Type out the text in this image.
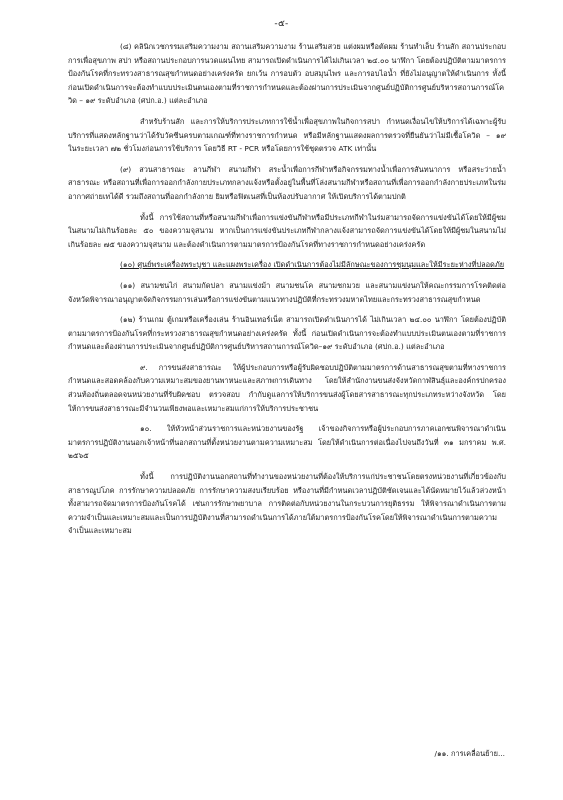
-๕-

(๘) คลินิกเวชกรรมเสริมความงาม สถานเสริมความงาม ร้านเสริมสวย แต่งผมหรือตัดผม ร้านทำเล็บ ร้านสัก สถานประกอบการเพื่อสุขภาพ สปา หรือสถานประกอบการนวดแผนไทย สามารถเปิดดำเนินการได้ไม่เกินเวลา ๒๔.๐๐ นาฬิกา โดยต้องปฏิบัติตามมาตรการป้องกันโรคที่กระทรวงสาธารณสุขกำหนดอย่างเคร่งครัด ยกเว้น การอบตัว อบสมุนไพร และการอบไอน้ำ ที่ยังไม่อนุญาตให้ดำเนินการ ทั้งนี้ ก่อนเปิดดำเนินการจะต้องทำแบบประเมินตนเองตามที่ราชการกำหนดและต้องผ่านการประเมินจากศูนย์ปฏิบัติการศูนย์บริหารสถานการณ์โควิด – ๑๙ ระดับอำเภอ (ศปก.อ.) แต่ละอำเภอ

สำหรับร้านสัก และการให้บริการประเภทการใช้น้ำเพื่อสุขภาพในกิจการสปา กำหนดเงื่อนไขให้บริการได้เฉพาะผู้รับบริการที่แสดงหลักฐานว่าได้รับวัคซีนครบตามเกณฑ์ที่ทางราชการกำหนด หรือมีหลักฐานแสดงผลการตรวจที่ยืนยันว่าไม่มีเชื้อโควิด – ๑๙ ในระยะเวลา ๗๒ ชั่วโมงก่อนการใช้บริการ โดยวิธี RT - PCR หรือโดยการใช้ชุดตรวจ ATK เท่านั้น

(๙) สวนสาธารณะ ลานกีฬา สนามกีฬา สระน้ำเพื่อการกีฬาหรือกิจกรรมทางน้ำเพื่อการสันทนาการ หรือสระว่ายน้ำสาธารณะ หรือสถานที่เพื่อการออกกำลังกายประเภทกลางแจ้งหรือตั้งอยู่ในพื้นที่โล่งสนามกีฬาหรือสถานที่เพื่อการออกกำลังกายประเภทในร่มอากาศถ่ายเทได้ดี รวมถึงสถานที่ออกกำลังกาย ยิมหรือฟิตเนสที่เป็นห้องปรับอากาศ ให้เปิดบริการได้ตามปกติ

ทั้งนี้ การใช้สถานที่หรือสนามกีฬาเพื่อการแข่งขันกีฬาหรือมีประเภทกีฬาในร่มสามารถจัดการแข่งขันได้โดยให้มีผู้ชมในสนามไม่เกินร้อยละ ๕๐ ของความจุสนาม หากเป็นการแข่งขันประเภทกีฬากลางแจ้งสามารถจัดการแข่งขันได้โดยให้มีผู้ชมในสนามไม่เกินร้อยละ ๗๕ ของความจุสนาม และต้องดำเนินการตามมาตรการป้องกันโรคที่ทางราชการกำหนดอย่างเคร่งครัด

(๑๐) ศูนย์พระเครื่องพระบูชา และแผงพระเครื่อง เปิดดำเนินการต้องไม่มีลักษณะของการชุมนุมและให้มีระยะห่างที่ปลอดภัย

(๑๑) สนามชนไก่ สนามกัดปลา สนามแข่งม้า สนามชนโค สนามชกมวย และสนามแข่งนกให้คณะกรรมการโรคติดต่อจังหวัดพิจารณาอนุญาตจัดกิจกรรมการเล่นหรือการแข่งขันตามแนวทางปฏิบัติที่กระทรวงมหาดไทยและกระทรวงสาธารณสุขกำหนด

(๑๒) ร้านเกม ตู้เกมหรือเครื่องเล่น ร้านอินเทอร์เน็ต สามารถเปิดดำเนินการได้ ไม่เกินเวลา ๒๔.๐๐ นาฬิกา โดยต้องปฏิบัติตามมาตรการป้องกันโรคที่กระทรวงสาธารณสุขกำหนดอย่างเคร่งครัด ทั้งนี้ ก่อนเปิดดำเนินการจะต้องทำแบบประเมินตนเองตามที่ราชการกำหนดและต้องผ่านการประเมินจากศูนย์ปฏิบัติการศูนย์บริหารสถานการณ์โควิด–๑๙ ระดับอำเภอ (ศปก.อ.) แต่ละอำเภอ

๙. การขนส่งสาธารณะ ให้ผู้ประกอบการหรือผู้รับผิดชอบปฏิบัติตามมาตรการด้านสาธารณสุขตามที่ทางราชการกำหนดและสอดคล้องกับความเหมาะสมของยานพาหนะและสภาพการเดินทาง โดยให้สำนักงานขนส่งจังหวัดกาฬสินธุ์และองค์กรปกครองส่วนท้องถิ่นตลอดจนหน่วยงานที่รับผิดชอบ ตรวจสอบ กำกับดูแลการให้บริการขนส่งผู้โดยสารสาธารณะทุกประเภทระหว่างจังหวัด โดยให้การขนส่งสาธารณะมีจำนวนเพียงพอและเหมาะสมแก่การให้บริการประชาชน

๑๐. ให้หัวหน้าส่วนราชการและหน่วยงานของรัฐ เจ้าของกิจการหรือผู้ประกอบการภาคเอกชนพิจารณาดำเนินมาตรการปฏิบัติงานนอกเจ้าหน้าที่นอกสถานที่ตั้งหน่วยงานตามความเหมาะสม โดยให้ดำเนินการต่อเนื่องไปจนถึงวันที่ ๓๑ มกราคม พ.ศ. ๒๕๖๕

ทั้งนี้ การปฏิบัติงานนอกสถานที่ทำงานของหน่วยงานที่ต้องให้บริการแก่ประชาชนโดยตรงหน่วยงานที่เกี่ยวข้องกับสาธารณูปโภค การรักษาความปลอดภัย การรักษาความสงบเรียบร้อย หรืองานที่มีกำหนดเวลาปฏิบัติชัดเจนและได้นัดหมายไว้แล้วล่วงหน้า ทั้งสามารถจัดมาตรการป้องกันโรคได้ เช่นการรักษาพยาบาล การติดต่อกับหน่วยงานในกระบวนการยุติธรรม ให้พิจารณาดำเนินการตามความจำเป็นและเหมาะสมและเป็นการปฏิบัติงานที่สามารถดำเนินการได้ภายใต้มาตรการป้องกันโรคโดยให้พิจารณาดำเนินการตามความจำเป็นและเหมาะสม

/๑๑. การเคลื่อนย้าย...
